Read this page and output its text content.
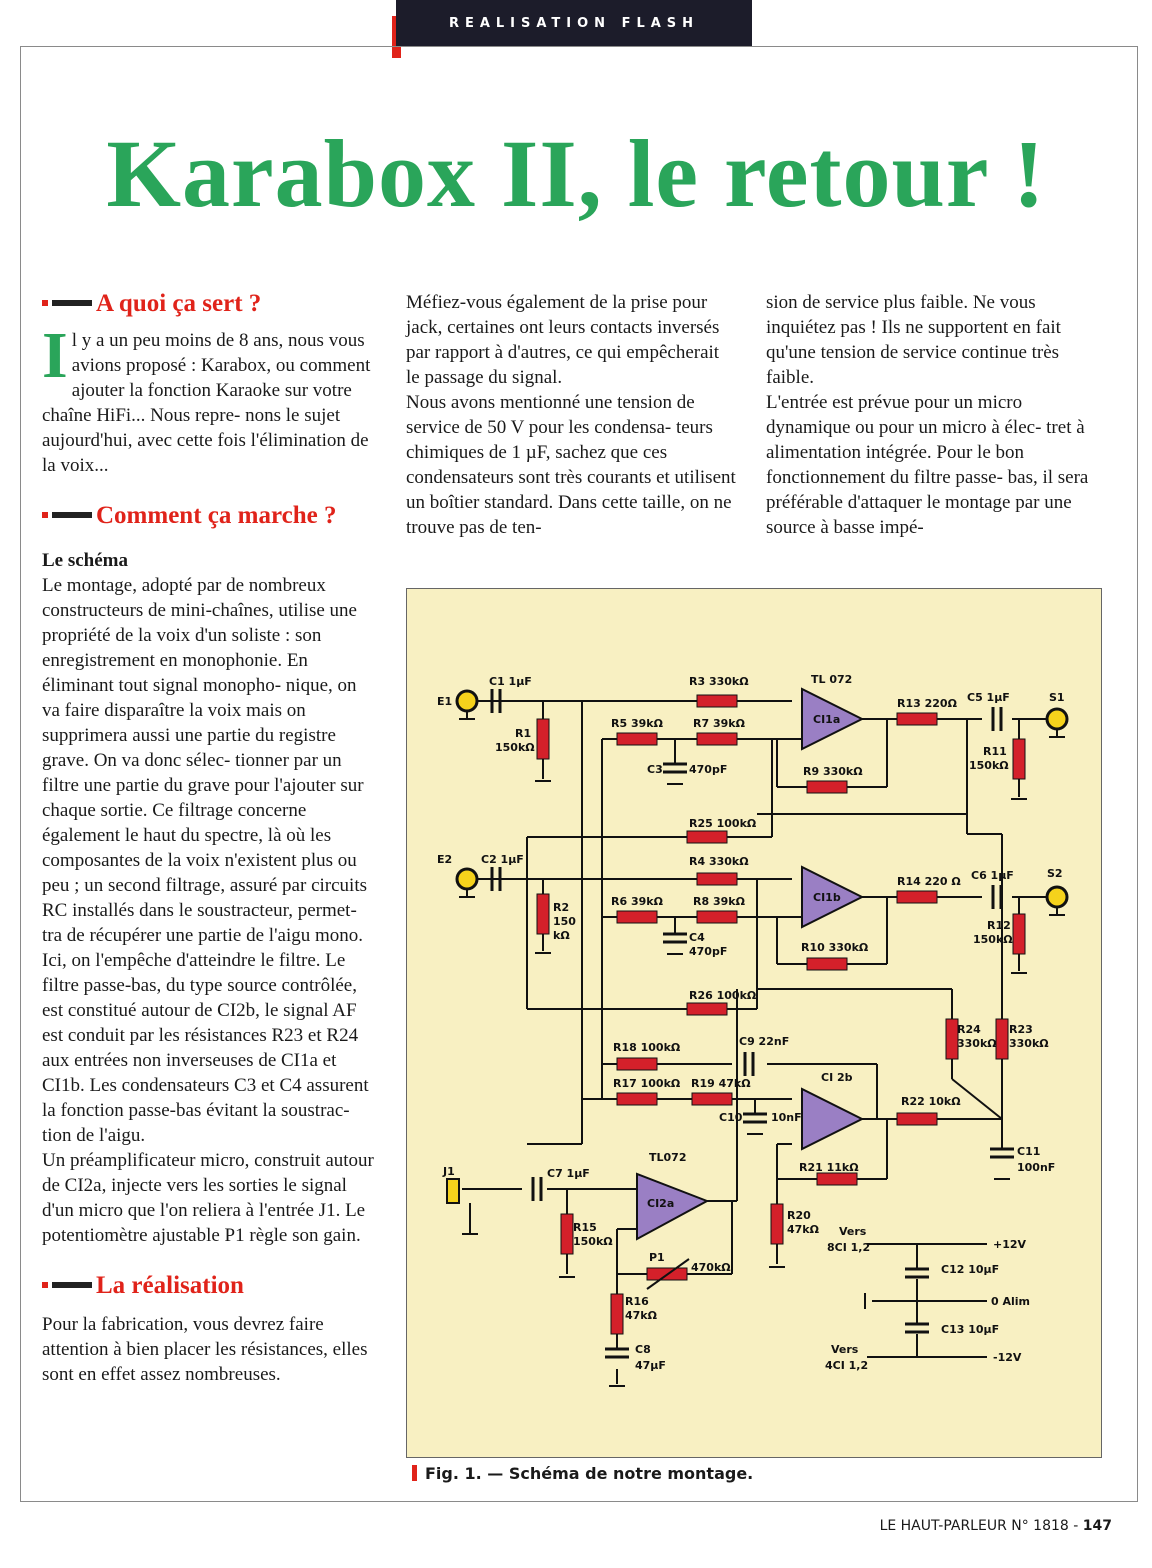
REALISATION FLASH
Karabox II, le retour !
A quoi ça sert ?

Il y a un peu moins de 8 ans, nous vous avions proposé : Karabox, ou comment ajouter la fonction Karaoke sur votre chaîne HiFi... Nous repre- nons le sujet aujourd'hui, avec cette fois l'élimination de la voix...

Comment ça marche ?

Le schéma

Le montage, adopté par de nombreux constructeurs de mini-chaînes, utilise une propriété de la voix d'un soliste : son enregistrement en monophonie. En éliminant tout signal monopho- nique, on va faire disparaître la voix mais on supprimera aussi une partie du registre grave. On va donc sélec- tionner par un filtre une partie du grave pour l'ajouter sur chaque sortie. Ce filtrage concerne également le haut du spectre, là où les composantes de la voix n'existent plus ou peu ; un second filtrage, assuré par circuits RC installés dans le soustracteur, permet- tra de récupérer une partie de l'aigu mono. Ici, on l'empêche d'atteindre le filtre. Le filtre passe-bas, du type source contrôlée, est constitué autour de CI2b, le signal AF est conduit par les résistances R23 et R24 aux entrées non inverseuses de CI1a et CI1b. Les condensateurs C3 et C4 assurent la fonction passe-bas évitant la soustrac- tion de l'aigu.

Un préamplificateur micro, construit autour de CI2a, injecte vers les sorties le signal d'un micro que l'on reliera à l'entrée J1. Le potentiomètre ajustable P1 règle son gain.

La réalisation

Pour la fabrication, vous devrez faire attention à bien placer les résistances, elles sont en effet assez nombreuses.

Méfiez-vous également de la prise pour jack, certaines ont leurs contacts inversés par rapport à d'autres, ce qui empêcherait le passage du signal.

Nous avons mentionné une tension de service de 50 V pour les condensa- teurs chimiques de 1 µF, sachez que ces condensateurs sont très courants et utilisent un boîtier standard. Dans cette taille, on ne trouve pas de ten-

sion de service plus faible. Ne vous inquiétez pas ! Ils ne supportent en fait qu'une tension de service continue très faible.

L'entrée est prévue pour un micro dynamique ou pour un micro à élec- tret à alimentation intégrée. Pour le bon fonctionnement du filtre passe- bas, il sera préférable d'attaquer le montage par une source à basse impé-

E1
E2
S1
S2
J1
C1 1µF
C2 1µF
C3 470pF
C4
470pF
C5 1µF
C6 1µF
C7 1µF
C8
47µF
C9 22nF
C10	10nF
C11
100nF
C12 10µF
C13 10µF
R1
150kΩ
R2
150
kΩ
R3 330kΩ
R4 330kΩ
R5 39kΩ
R6 39kΩ
R7 39kΩ
R8 39kΩ
R9 330kΩ
R10 330kΩ
R11
150kΩ
R12
150kΩ
R13 220Ω
R14 220 Ω
R15
150kΩ
R16
47kΩ
R17 100kΩ
R18 100kΩ
R19 47kΩ
R20
47kΩ
R21 11kΩ
R22 10kΩ
R23
330kΩ
R24
330kΩ
R25 100kΩ
R26 100kΩ
P1
470kΩ
TL 072
TL072
CI1a
CI1b
CI2a
CI 2b
Vers
8CI 1,2
Vers
4CI 1,2
+12V
0 Alim
-12V
Fig. 1. — Schéma de notre montage.
LE HAUT-PARLEUR N° 1818 - 147
